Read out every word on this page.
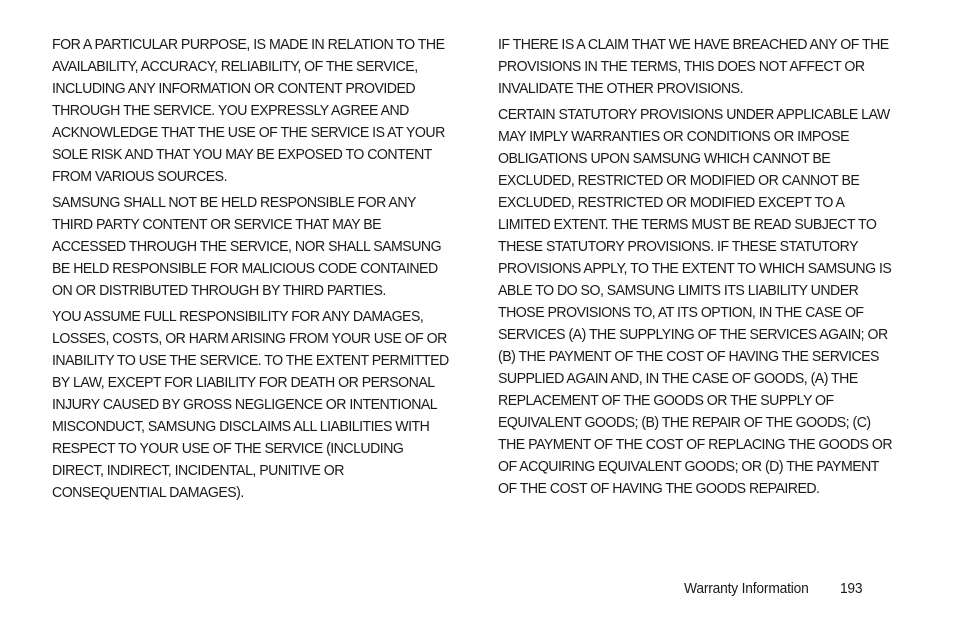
FOR A PARTICULAR PURPOSE, IS MADE IN RELATION TO THE AVAILABILITY, ACCURACY, RELIABILITY, OF THE SERVICE, INCLUDING ANY INFORMATION OR CONTENT PROVIDED THROUGH THE SERVICE. YOU EXPRESSLY AGREE AND ACKNOWLEDGE THAT THE USE OF THE SERVICE IS AT YOUR SOLE RISK AND THAT YOU MAY BE EXPOSED TO CONTENT FROM VARIOUS SOURCES.

SAMSUNG SHALL NOT BE HELD RESPONSIBLE FOR ANY THIRD PARTY CONTENT OR SERVICE THAT MAY BE ACCESSED THROUGH THE SERVICE, NOR SHALL SAMSUNG BE HELD RESPONSIBLE FOR MALICIOUS CODE CONTAINED ON OR DISTRIBUTED THROUGH BY THIRD PARTIES.

YOU ASSUME FULL RESPONSIBILITY FOR ANY DAMAGES, LOSSES, COSTS, OR HARM ARISING FROM YOUR USE OF OR INABILITY TO USE THE SERVICE. TO THE EXTENT PERMITTED BY LAW, EXCEPT FOR LIABILITY FOR DEATH OR PERSONAL INJURY CAUSED BY GROSS NEGLIGENCE OR INTENTIONAL MISCONDUCT, SAMSUNG DISCLAIMS ALL LIABILITIES WITH RESPECT TO YOUR USE OF THE SERVICE (INCLUDING DIRECT, INDIRECT, INCIDENTAL, PUNITIVE OR CONSEQUENTIAL DAMAGES).

IF THERE IS A CLAIM THAT WE HAVE BREACHED ANY OF THE PROVISIONS IN THE TERMS, THIS DOES NOT AFFECT OR INVALIDATE THE OTHER PROVISIONS.

CERTAIN STATUTORY PROVISIONS UNDER APPLICABLE LAW MAY IMPLY WARRANTIES OR CONDITIONS OR IMPOSE OBLIGATIONS UPON SAMSUNG WHICH CANNOT BE EXCLUDED, RESTRICTED OR MODIFIED OR CANNOT BE EXCLUDED, RESTRICTED OR MODIFIED EXCEPT TO A LIMITED EXTENT. THE TERMS MUST BE READ SUBJECT TO THESE STATUTORY PROVISIONS. IF THESE STATUTORY PROVISIONS APPLY, TO THE EXTENT TO WHICH SAMSUNG IS ABLE TO DO SO, SAMSUNG LIMITS ITS LIABILITY UNDER THOSE PROVISIONS TO, AT ITS OPTION, IN THE CASE OF SERVICES (A) THE SUPPLYING OF THE SERVICES AGAIN; OR (B) THE PAYMENT OF THE COST OF HAVING THE SERVICES SUPPLIED AGAIN AND, IN THE CASE OF GOODS, (A) THE REPLACEMENT OF THE GOODS OR THE SUPPLY OF EQUIVALENT GOODS; (B) THE REPAIR OF THE GOODS; (C) THE PAYMENT OF THE COST OF REPLACING THE GOODS OR OF ACQUIRING EQUIVALENT GOODS; OR (D) THE PAYMENT OF THE COST OF HAVING THE GOODS REPAIRED.

Warranty Information 193
